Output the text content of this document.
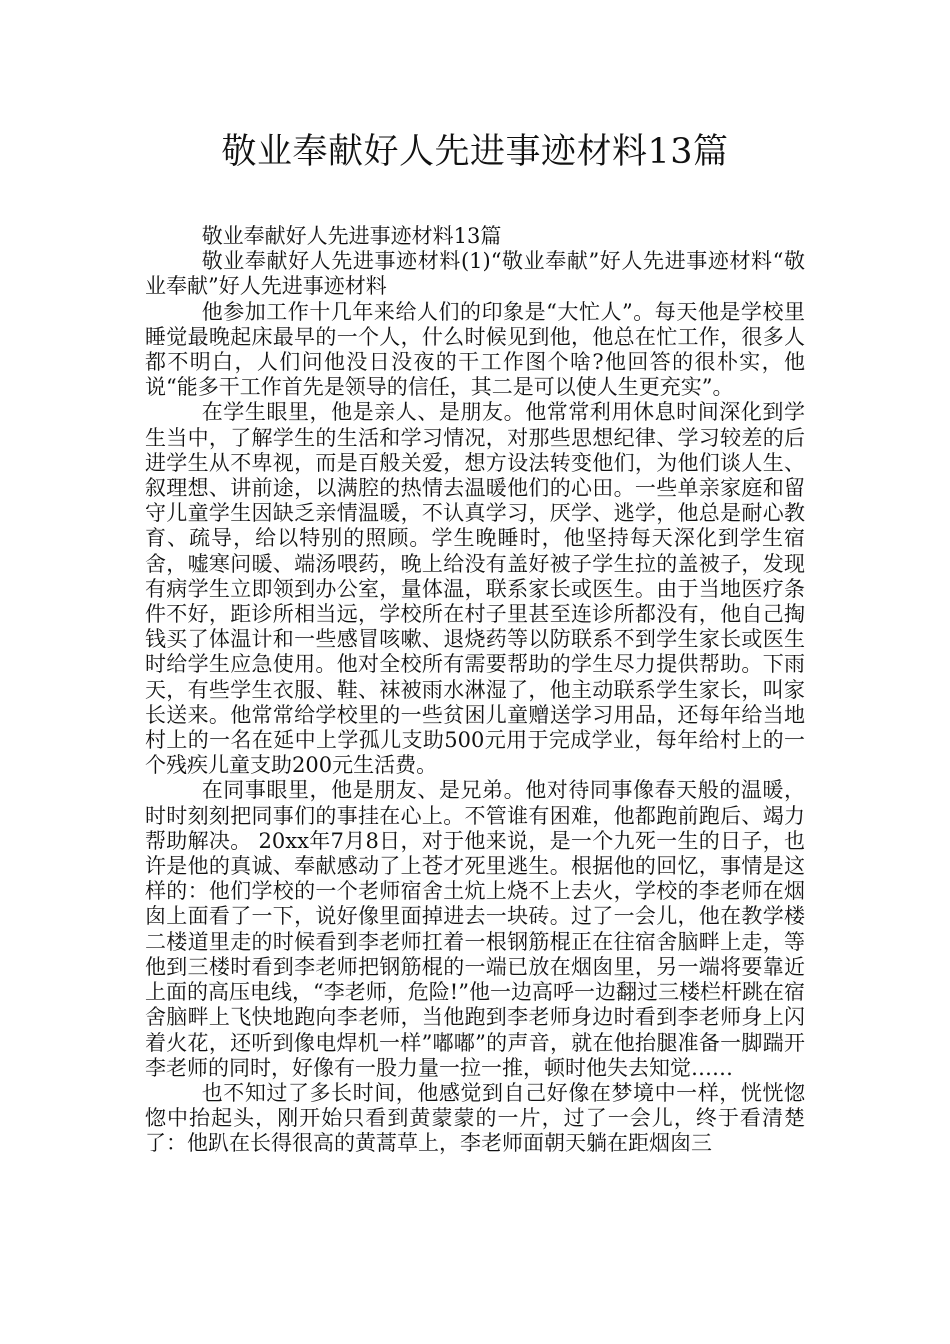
敬业奉献好人先进事迹材料13篇

敬业奉献好人先进事迹材料13篇

敬业奉献好人先进事迹材料(1)“敬业奉献”好人先进事迹材料“敬业奉献”好人先进事迹材料

他参加工作十几年来给人们的印象是“大忙人”。每天他是学校里睡觉最晚起床最早的一个人，什么时候见到他，他总在忙工作，很多人都不明白，人们问他没日没夜的干工作图个啥?他回答的很朴实，他说“能多干工作首先是领导的信任，其二是可以使人生更充实”。

在学生眼里，他是亲人、是朋友。他常常利用休息时间深化到学生当中，了解学生的生活和学习情况，对那些思想纪律、学习较差的后进学生从不卑视，而是百般关爱，想方设法转变他们，为他们谈人生、叙理想、讲前途，以满腔的热情去温暖他们的心田。一些单亲家庭和留守儿童学生因缺乏亲情温暖，不认真学习，厌学、逃学，他总是耐心教育、疏导，给以特别的照顾。学生晚睡时，他坚持每天深化到学生宿舍，嘘寒问暖、端汤喂药，晚上给没有盖好被子学生拉的盖被子，发现有病学生立即领到办公室，量体温，联系家长或医生。由于当地医疗条件不好，距诊所相当远，学校所在村子里甚至连诊所都没有，他自己掏钱买了体温计和一些感冒咳嗽、退烧药等以防联系不到学生家长或医生时给学生应急使用。他对全校所有需要帮助的学生尽力提供帮助。下雨天，有些学生衣服、鞋、袜被雨水淋湿了，他主动联系学生家长，叫家长送来。他常常给学校里的一些贫困儿童赠送学习用品，还每年给当地村上的一名在延中上学孤儿支助500元用于完成学业，每年给村上的一个残疾儿童支助200元生活费。

在同事眼里，他是朋友、是兄弟。他对待同事像春天般的温暖，时时刻刻把同事们的事挂在心上。不管谁有困难，他都跑前跑后、竭力帮助解决。 20xx年7月8日，对于他来说，是一个九死一生的日子，也许是他的真诚、奉献感动了上苍才死里逃生。根据他的回忆，事情是这样的：他们学校的一个老师宿舍土炕上烧不上去火，学校的李老师在烟囱上面看了一下，说好像里面掉进去一块砖。过了一会儿，他在教学楼二楼道里走的时候看到李老师扛着一根钢筋棍正在往宿舍脑畔上走，等他到三楼时看到李老师把钢筋棍的一端已放在烟囱里，另一端将要靠近上面的高压电线，“李老师，危险!”他一边高呼一边翻过三楼栏杆跳在宿舍脑畔上飞快地跑向李老师，当他跑到李老师身边时看到李老师身上闪着火花，还听到像电焊机一样”嘟嘟”的声音，就在他抬腿准备一脚踹开李老师的同时，好像有一股力量一拉一推，顿时他失去知觉……

也不知过了多长时间，他感觉到自己好像在梦境中一样，恍恍惚惚中抬起头，刚开始只看到黄蒙蒙的一片，过了一会儿，终于看清楚了：他趴在长得很高的黄蒿草上，李老师面朝天躺在距烟囱三
